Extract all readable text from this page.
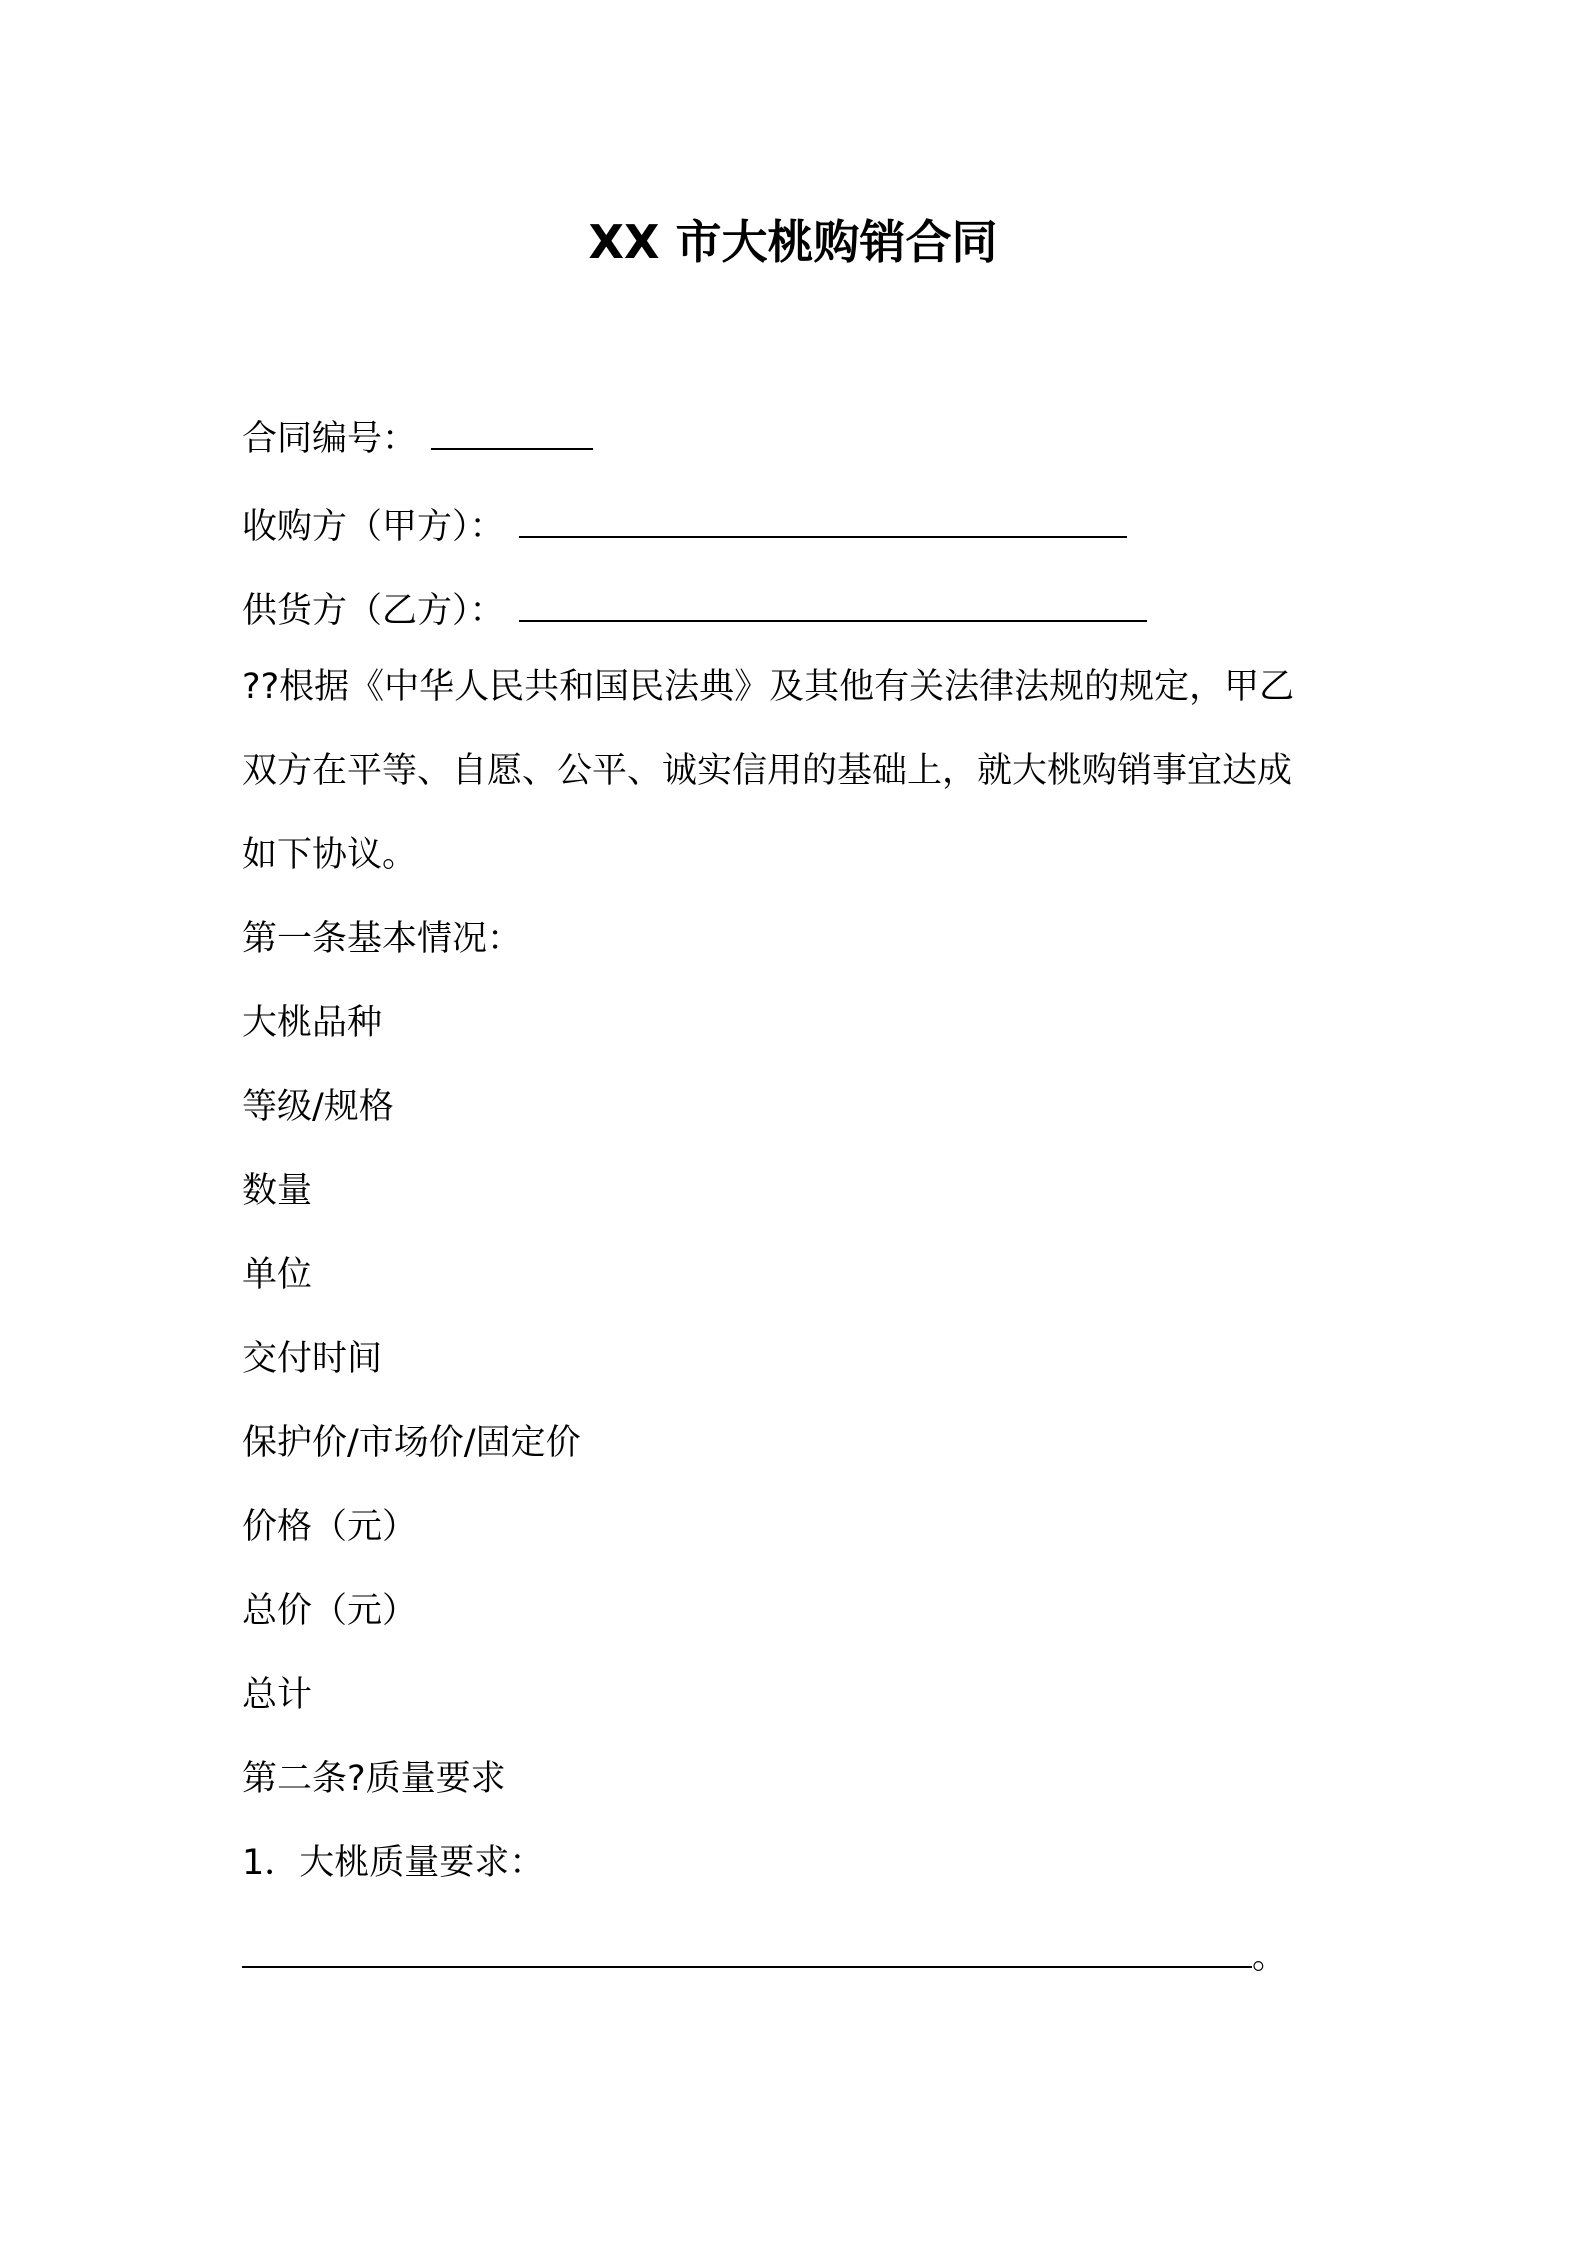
XX 市大桃购销合同
合同编号：
收购方（甲方）：
供货方（乙方）：
??根据《中华人民共和国民法典》及其他有关法律法规的规定，甲乙
双方在平等、自愿、公平、诚实信用的基础上，就大桃购销事宜达成
如下协议。
第一条基本情况：
大桃品种
等级/规格
数量
单位
交付时间
保护价/市场价/固定价
价格（元）
总价（元）
总计
第二条?质量要求
1．大桃质量要求：
。
